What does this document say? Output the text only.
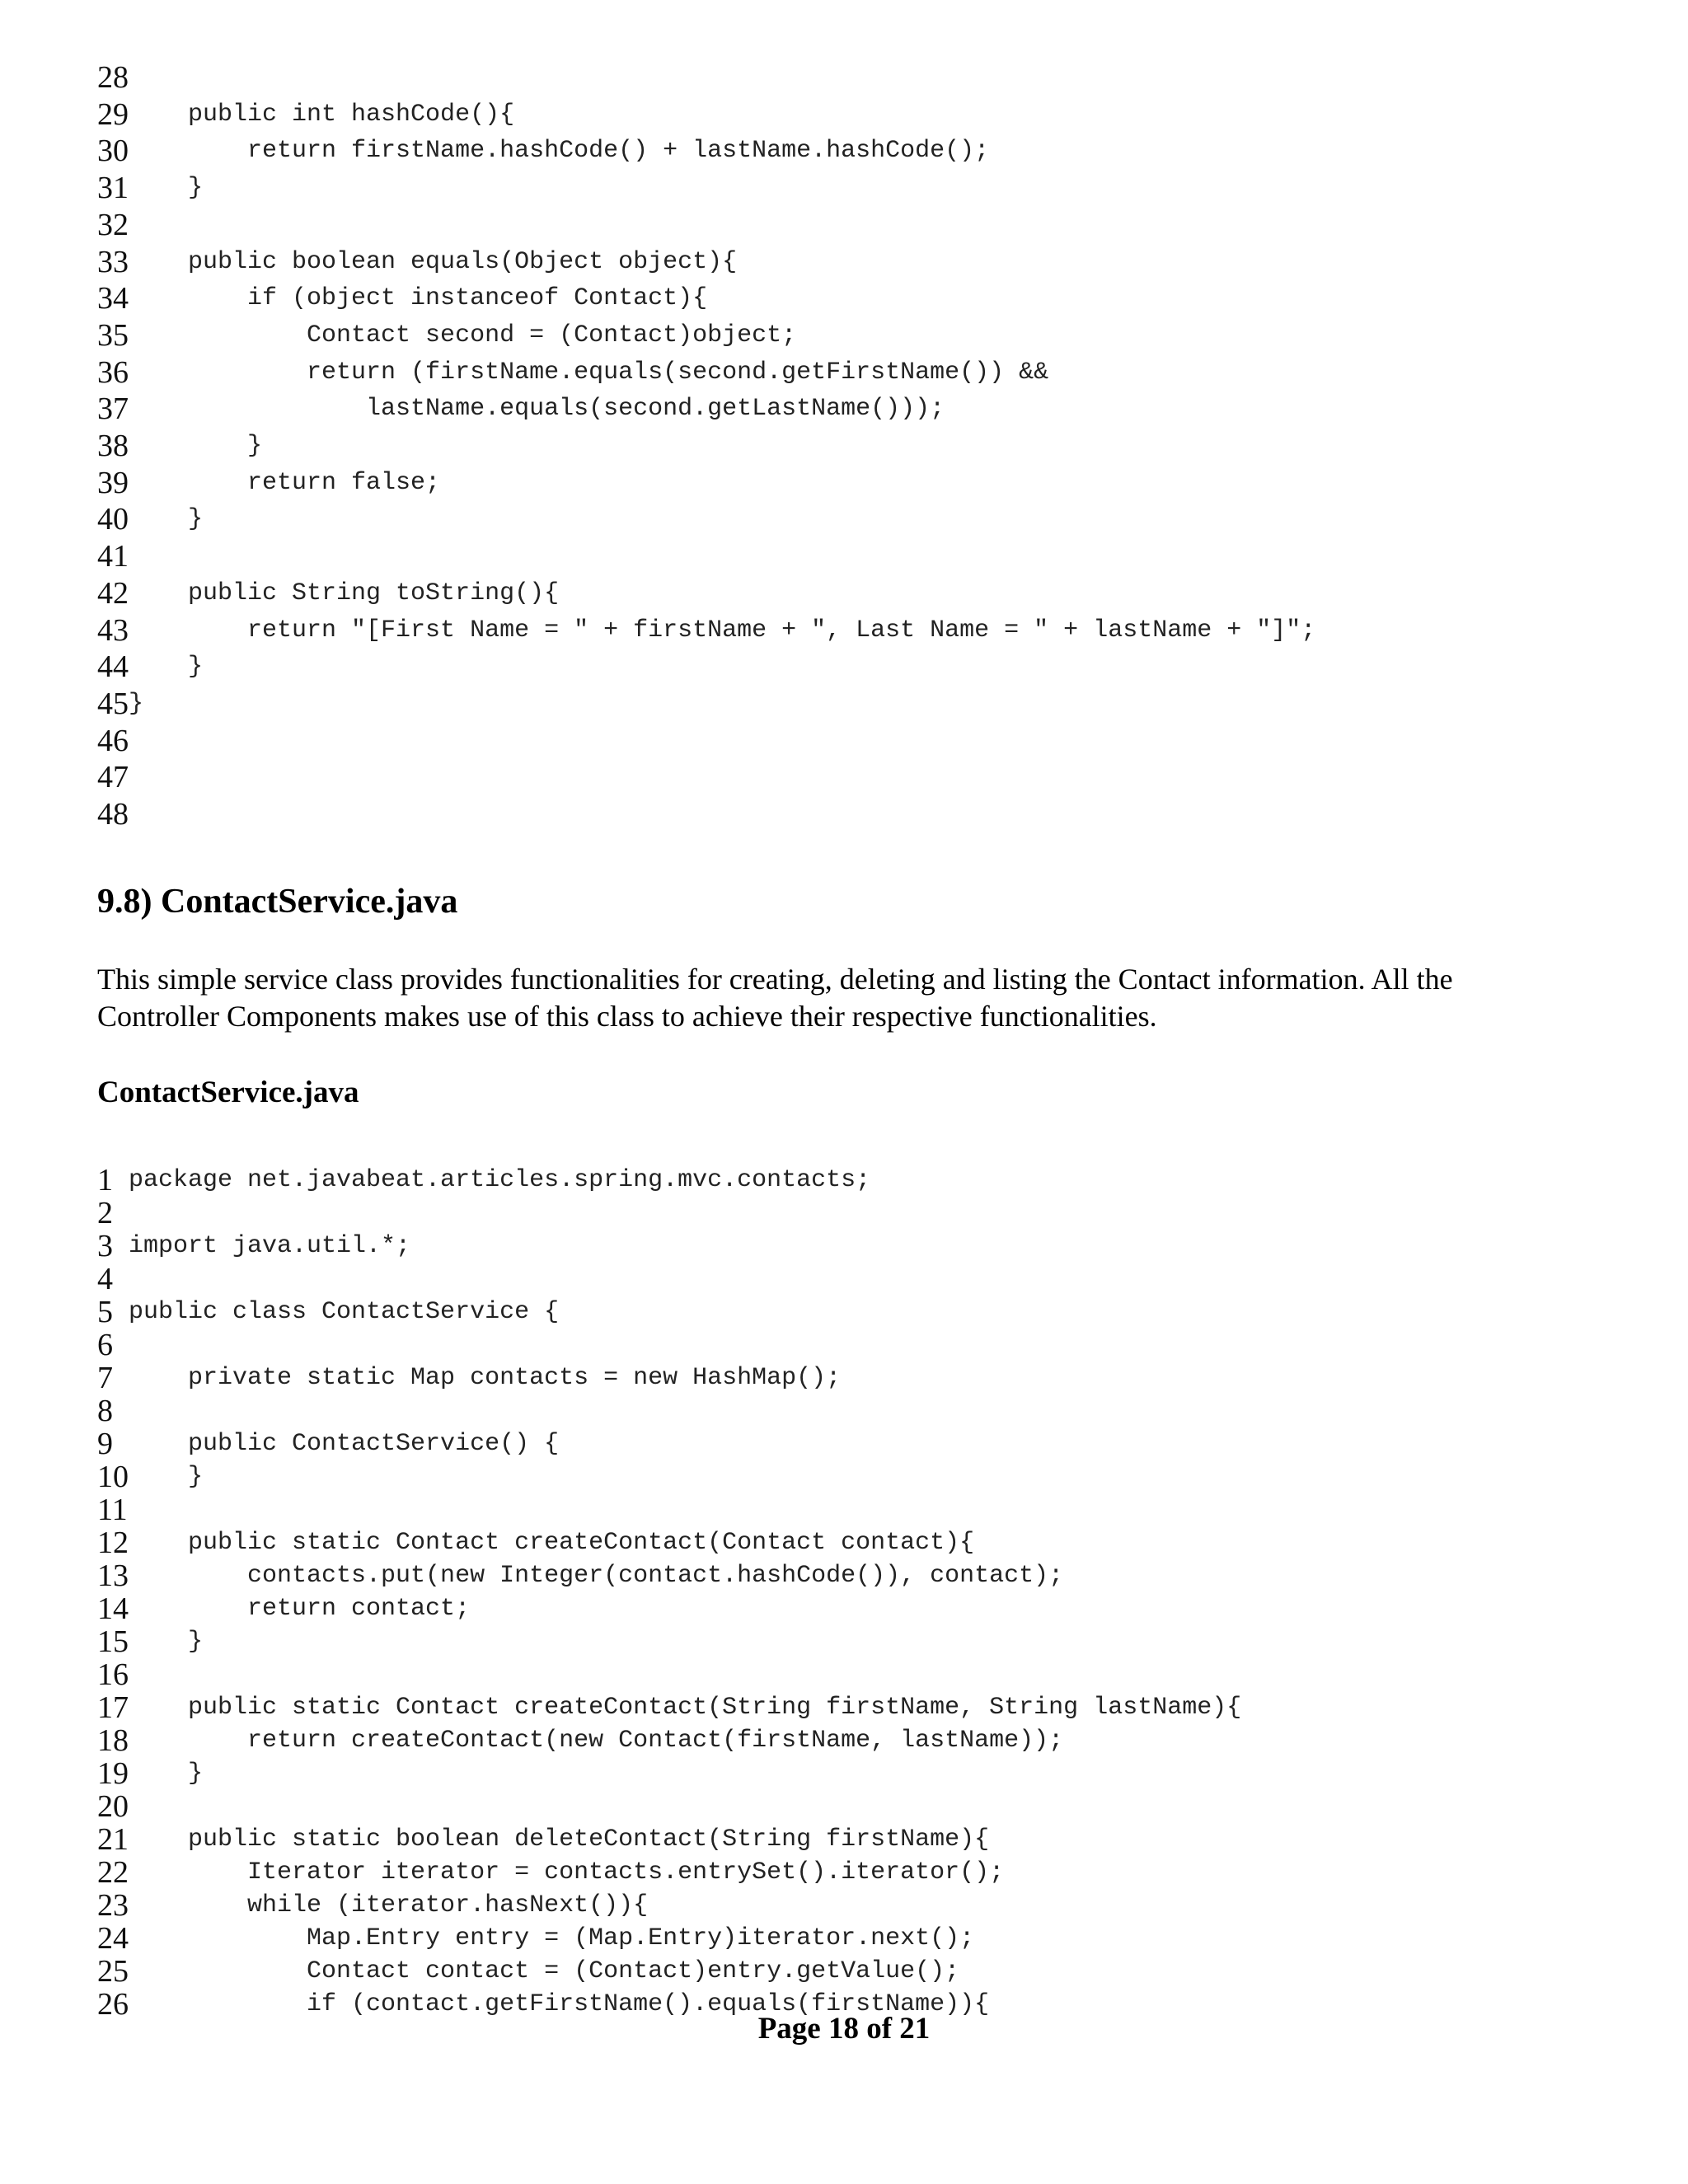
28
29 public int hashCode(){
30 return firstName.hashCode() + lastName.hashCode();
31 }
32
33 public boolean equals(Object object){
34 if (object instanceof Contact){
35 Contact second = (Contact)object;
36 return (firstName.equals(second.getFirstName()) &&
37 lastName.equals(second.getLastName()));
38 }
39 return false;
40 }
41
42 public String toString(){
43 return "[First Name = " + firstName + ", Last Name = " + lastName + "]";
44 }
45 }
46
47
48
9.8) ContactService.java
This simple service class provides functionalities for creating, deleting and listing the Contact information. All the Controller Components makes use of this class to achieve their respective functionalities.
ContactService.java
1 package net.javabeat.articles.spring.mvc.contacts;
2
3 import java.util.*;
4
5 public class ContactService {
6
7 private static Map contacts = new HashMap();
8
9 public ContactService() {
10 }
11
12 public static Contact createContact(Contact contact){
13 contacts.put(new Integer(contact.hashCode()), contact);
14 return contact;
15 }
16
17 public static Contact createContact(String firstName, String lastName){
18 return createContact(new Contact(firstName, lastName));
19 }
20
21 public static boolean deleteContact(String firstName){
22 Iterator iterator = contacts.entrySet().iterator();
23 while (iterator.hasNext()){
24 Map.Entry entry = (Map.Entry)iterator.next();
25 Contact contact = (Contact)entry.getValue();
26 if (contact.getFirstName().equals(firstName)){
Page 18 of 21
